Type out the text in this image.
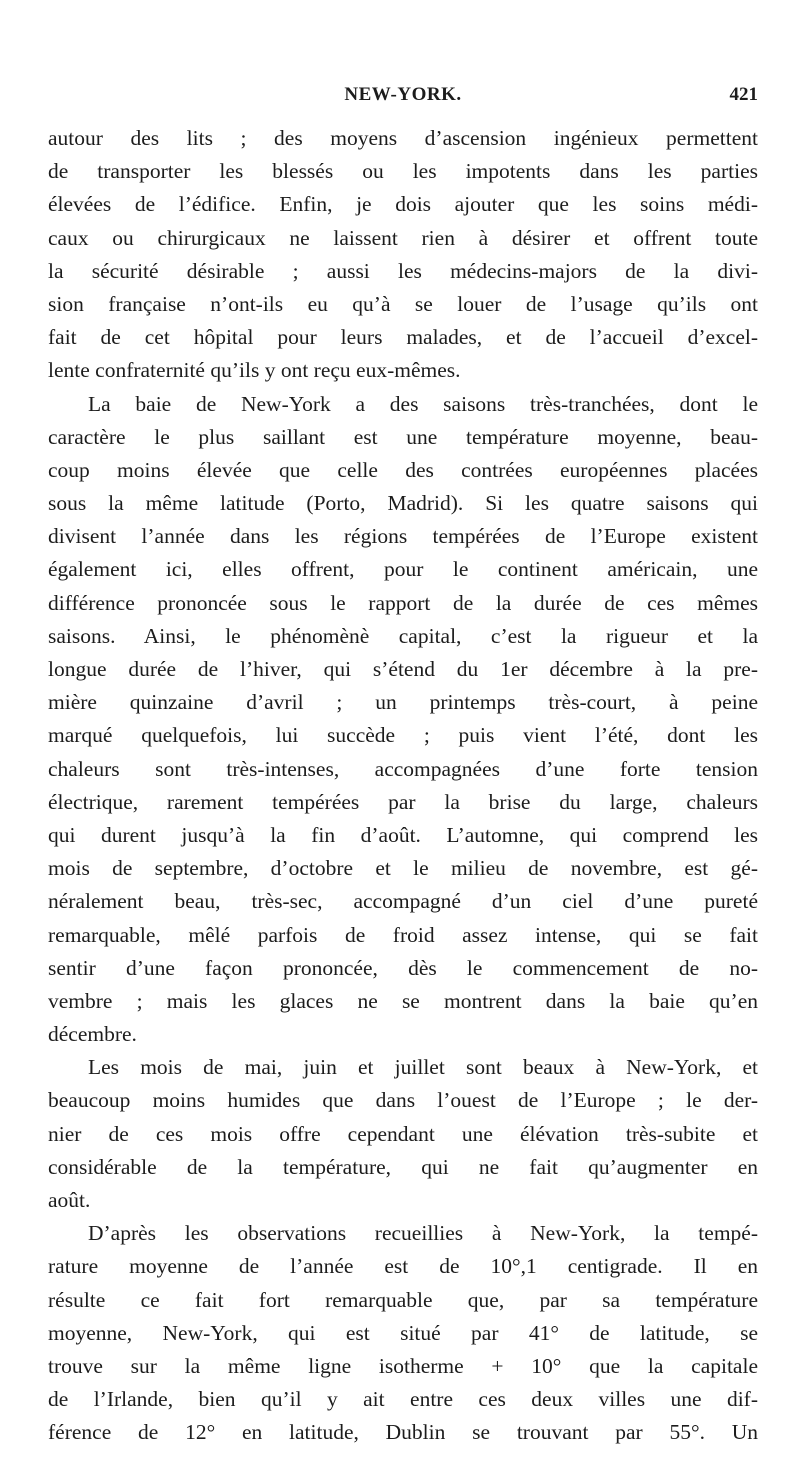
NEW-YORK.	421
autour des lits ; des moyens d’ascension ingénieux permettent
de transporter les blessés ou les impotents dans les parties
élevées de l’édifice. Enfin, je dois ajouter que les soins médi-
caux ou chirurgicaux ne laissent rien à désirer et offrent toute
la sécurité désirable ; aussi les médecins-majors de la divi-
sion française n’ont-ils eu qu’à se louer de l’usage qu’ils ont
fait de cet hôpital pour leurs malades, et de l’accueil d’excel-
lente confraternité qu’ils y ont reçu eux-mêmes.
La baie de New-York a des saisons très-tranchées, dont le
caractère le plus saillant est une température moyenne, beau-
coup moins élevée que celle des contrées européennes placées
sous la même latitude (Porto, Madrid). Si les quatre saisons qui
divisent l’année dans les régions tempérées de l’Europe existent
également ici, elles offrent, pour le continent américain, une
différence prononcée sous le rapport de la durée de ces mêmes
saisons. Ainsi, le phénomènè capital, c’est la rigueur et la
longue durée de l’hiver, qui s’étend du 1er décembre à la pre-
mière quinzaine d’avril ; un printemps très-court, à peine
marqué quelquefois, lui succède ; puis vient l’été, dont les
chaleurs sont très-intenses, accompagnées d’une forte tension
électrique, rarement tempérées par la brise du large, chaleurs
qui durent jusqu’à la fin d’août. L’automne, qui comprend les
mois de septembre, d’octobre et le milieu de novembre, est gé-
néralement beau, très-sec, accompagné d’un ciel d’une pureté
remarquable, mêlé parfois de froid assez intense, qui se fait
sentir d’une façon prononcée, dès le commencement de no-
vembre ; mais les glaces ne se montrent dans la baie qu’en
décembre.
Les mois de mai, juin et juillet sont beaux à New-York, et
beaucoup moins humides que dans l’ouest de l’Europe ; le der-
nier de ces mois offre cependant une élévation très-subite et
considérable de la température, qui ne fait qu’augmenter en
août.
D’après les observations recueillies à New-York, la tempé-
rature moyenne de l’année est de 10°,1 centigrade. Il en
résulte ce fait fort remarquable que, par sa température
moyenne, New-York, qui est situé par 41° de latitude, se
trouve sur la même ligne isotherme + 10° que la capitale
de l’Irlande, bien qu’il y ait entre ces deux villes une dif-
férence de 12° en latitude, Dublin se trouvant par 55°. Un
